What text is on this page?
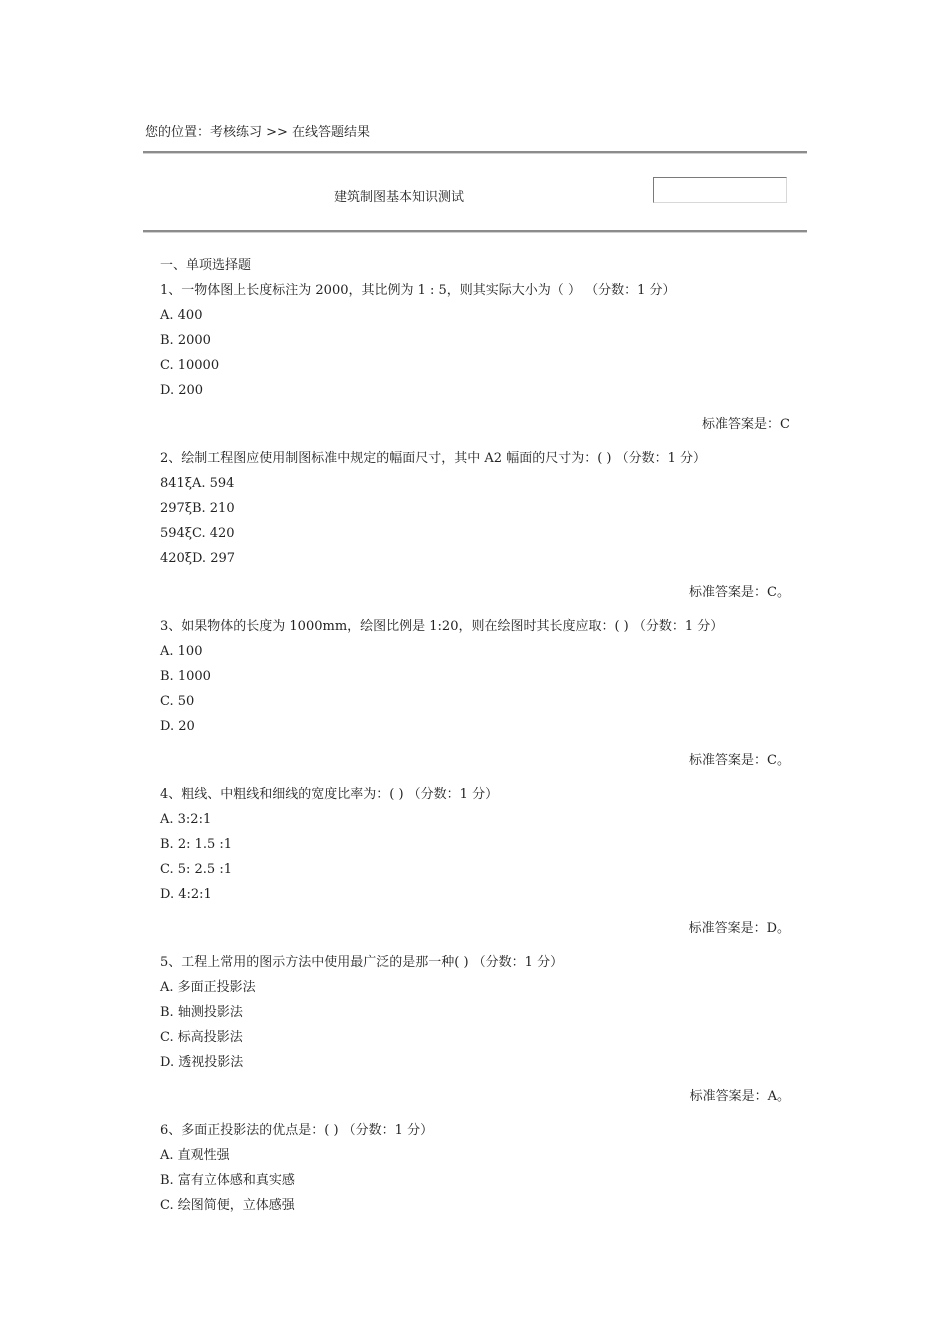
您的位置：考核练习 >> 在线答题结果
建筑制图基本知识测试
一、单项选择题
1、一物体图上长度标注为 2000，其比例为 1 : 5，则其实际大小为（ ） （分数：1 分）
A. 400
B. 2000
C. 10000
D. 200
标准答案是：C
2、绘制工程图应使用制图标准中规定的幅面尺寸，其中 A2 幅面的尺寸为：( ) （分数：1 分）
841ξA. 594
297ξB. 210
594ξC. 420
420ξD. 297
标准答案是：C。
3、如果物体的长度为 1000mm，绘图比例是 1:20，则在绘图时其长度应取：( ) （分数：1 分）
A. 100
B. 1000
C. 50
D. 20
标准答案是：C。
4、粗线、中粗线和细线的宽度比率为：( ) （分数：1 分）
A. 3:2:1
B. 2: 1.5 :1
C. 5: 2.5 :1
D. 4:2:1
标准答案是：D。
5、工程上常用的图示方法中使用最广泛的是那一种( ) （分数：1 分）
A. 多面正投影法
B. 轴测投影法
C. 标高投影法
D. 透视投影法
标准答案是：A。
6、多面正投影法的优点是：( ) （分数：1 分）
A. 直观性强
B. 富有立体感和真实感
C. 绘图简便，立体感强
